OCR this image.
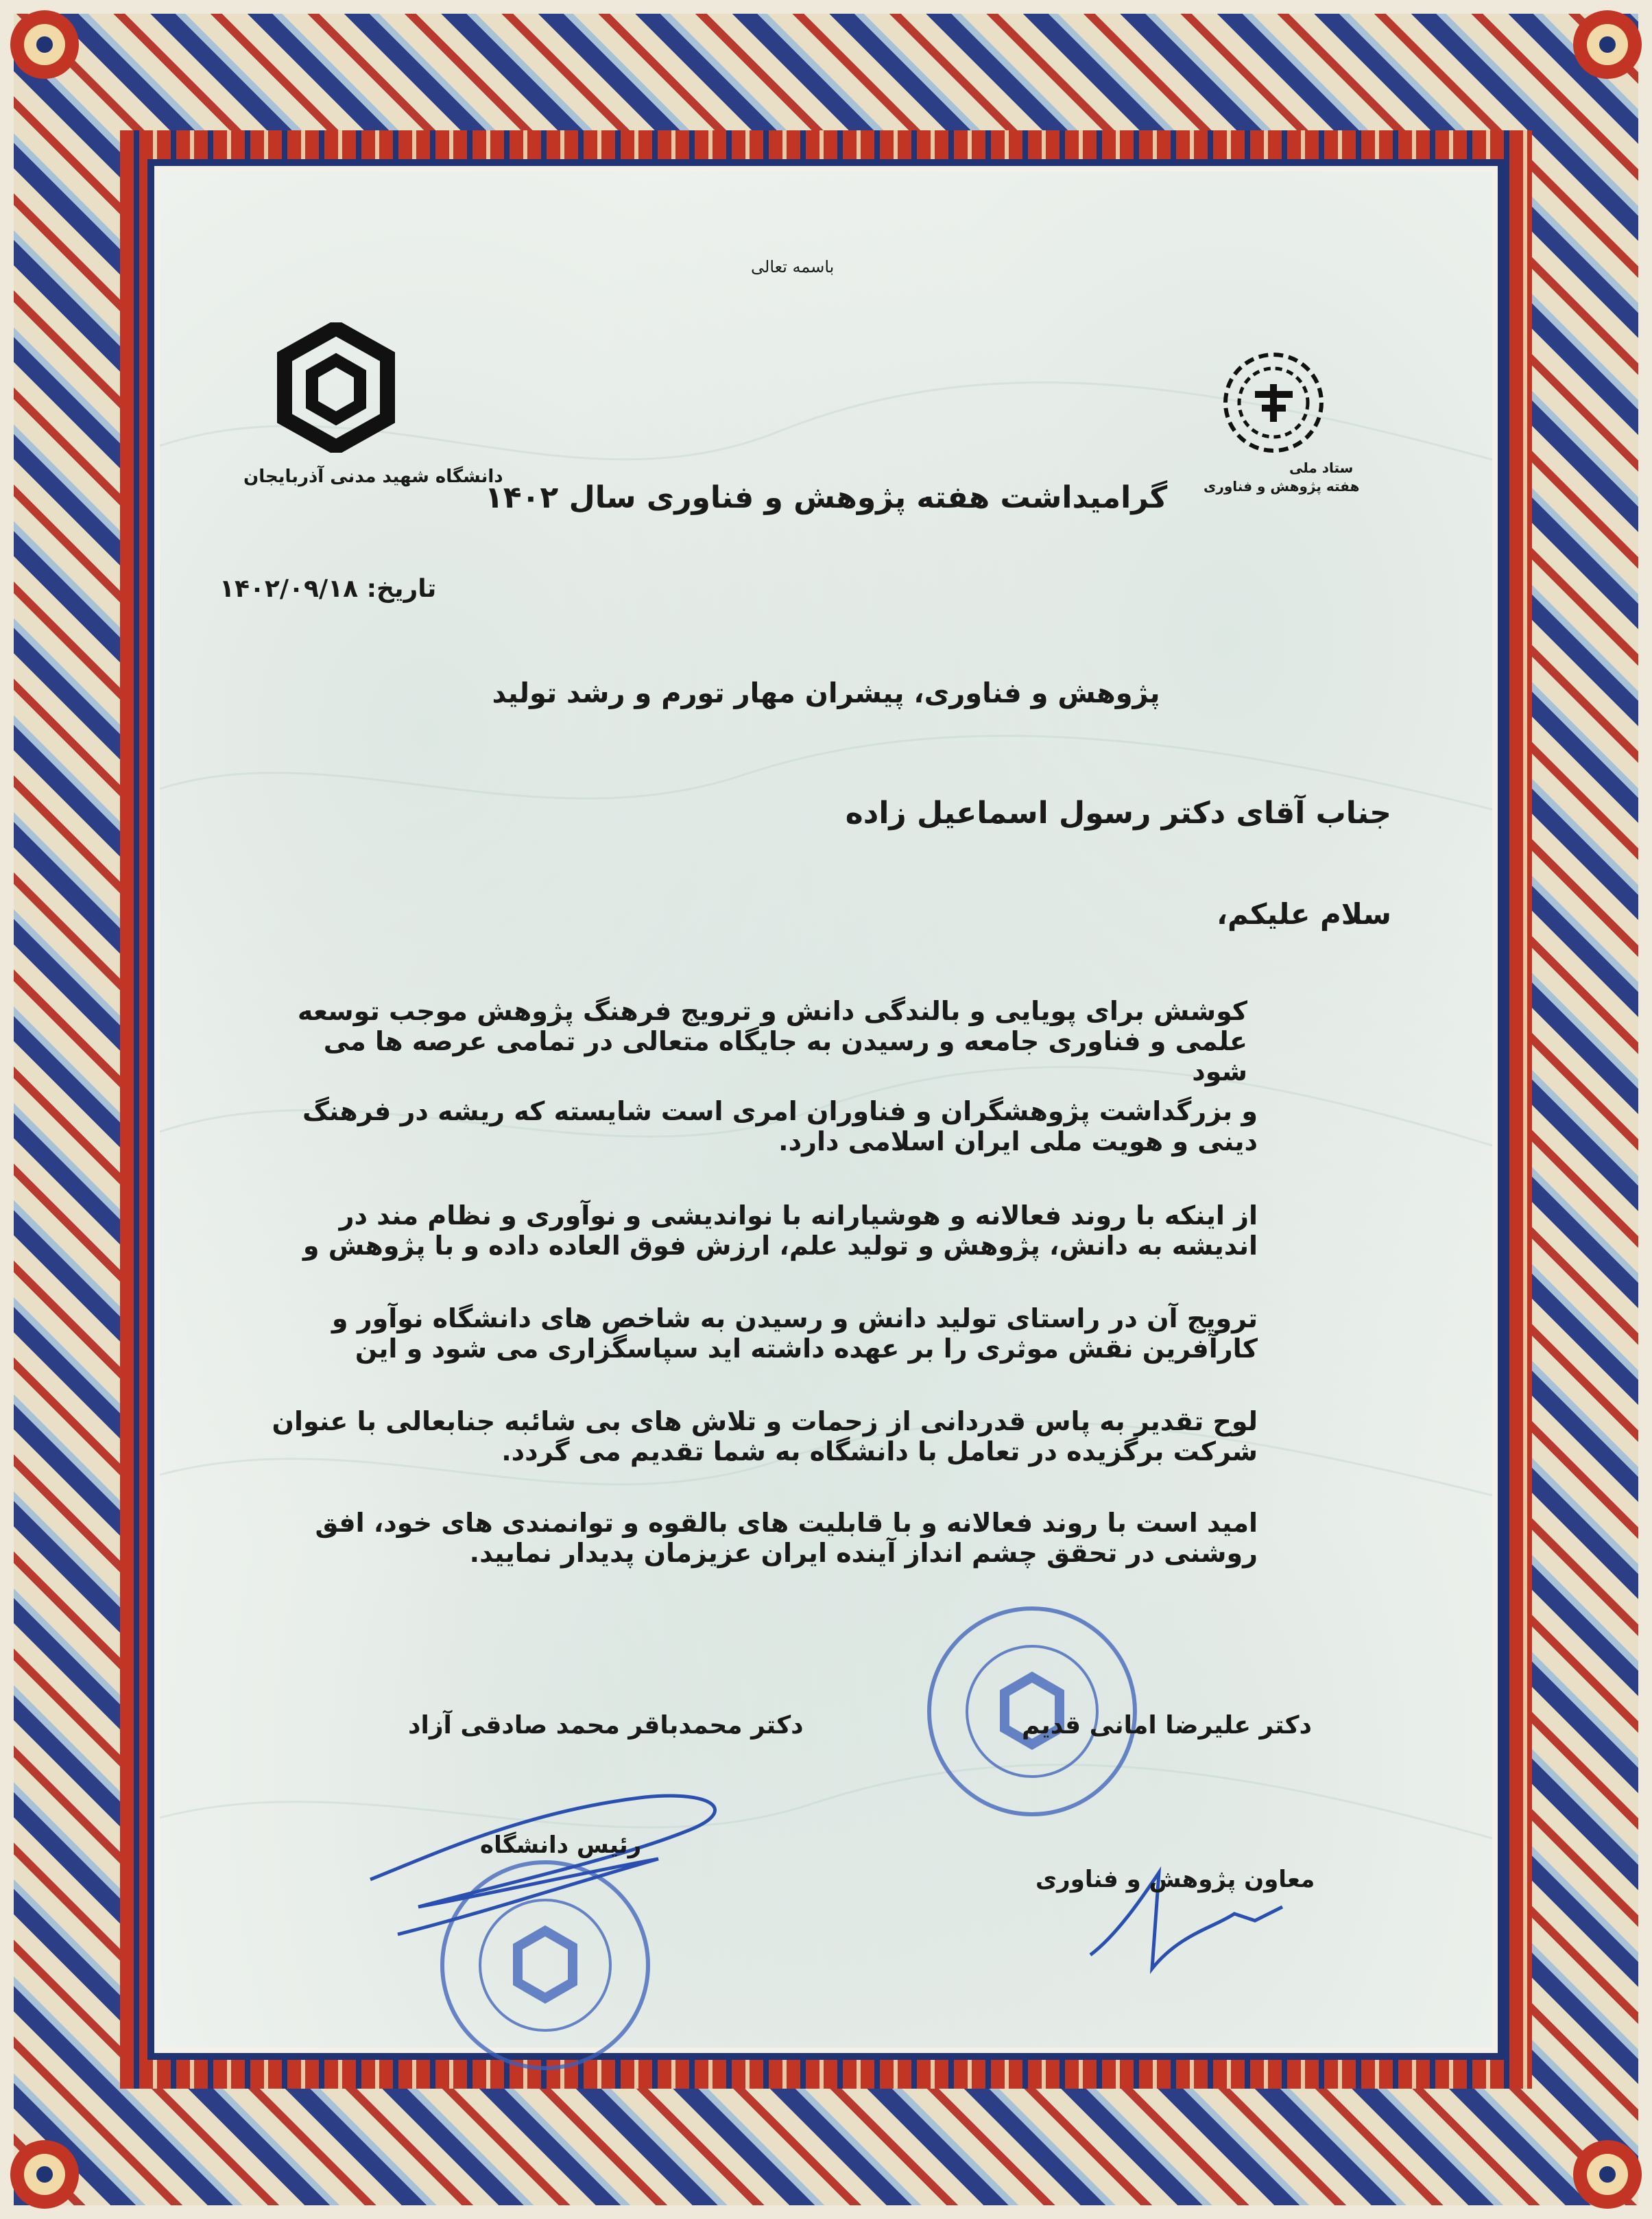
دانشگاه شهید مدنی آذربایجان	ستاد ملی
هفته پژوهش و فناوری
باسمه تعالی
گرامیداشت هفته پژوهش و فناوری سال ۱۴۰۲
تاریخ: ۱۴۰۲/۰۹/۱۸
پژوهش و فناوری، پیشران مهار تورم و رشد تولید
جناب آقای دکتر رسول اسماعیل زاده
سلام علیکم،
کوشش برای پویایی و بالندگی دانش و ترویج فرهنگ پژوهش موجب توسعه علمی و فناوری جامعه و رسیدن به جایگاه متعالی در تمامی عرصه ها می شود
و بزرگداشت پژوهشگران و فناوران امری است شایسته که ریشه در فرهنگ دینی و هویت ملی ایران اسلامی دارد.
از اینکه با روند فعالانه و هوشیارانه با نواندیشی و نوآوری و نظام مند در اندیشه به دانش، پژوهش و تولید علم، ارزش فوق العاده داده و با پژوهش و
ترویج آن در راستای تولید دانش و رسیدن به شاخص های دانشگاه نوآور و کارآفرین نقش موثری را بر عهده داشته اید سپاسگزاری می شود و این
لوح تقدیر به پاس قدردانی از زحمات و تلاش های بی شائبه جنابعالی با عنوان شرکت برگزیده در تعامل با دانشگاه به شما تقدیم می گردد.
امید است با روند فعالانه و با قابلیت های بالقوه و توانمندی های خود، افق روشنی در تحقق چشم انداز آینده ایران عزیزمان پدیدار نمایید.
دکتر محمدباقر محمد صادقی آزاد
رئیس دانشگاه
دکتر علیرضا امانی قدیم
معاون پژوهش و فناوری
